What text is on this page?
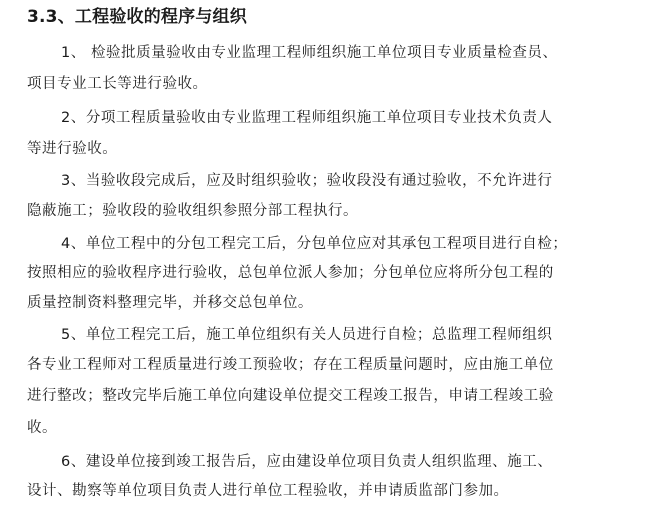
3.3、工程验收的程序与组织

1、 检验批质量验收由专业监理工程师组织施工单位项目专业质量检查员、

项目专业工长等进行验收。

2、分项工程质量验收由专业监理工程师组织施工单位项目专业技术负责人

等进行验收。

3、当验收段完成后，应及时组织验收；验收段没有通过验收，不允许进行

隐蔽施工；验收段的验收组织参照分部工程执行。

4、单位工程中的分包工程完工后，分包单位应对其承包工程项目进行自检；

按照相应的验收程序进行验收，总包单位派人参加；分包单位应将所分包工程的

质量控制资料整理完毕，并移交总包单位。

5、单位工程完工后，施工单位组织有关人员进行自检；总监理工程师组织

各专业工程师对工程质量进行竣工预验收；存在工程质量问题时，应由施工单位

进行整改；整改完毕后施工单位向建设单位提交工程竣工报告，申请工程竣工验

收。

6、建设单位接到竣工报告后，应由建设单位项目负责人组织监理、施工、

设计、勘察等单位项目负责人进行单位工程验收，并申请质监部门参加。
